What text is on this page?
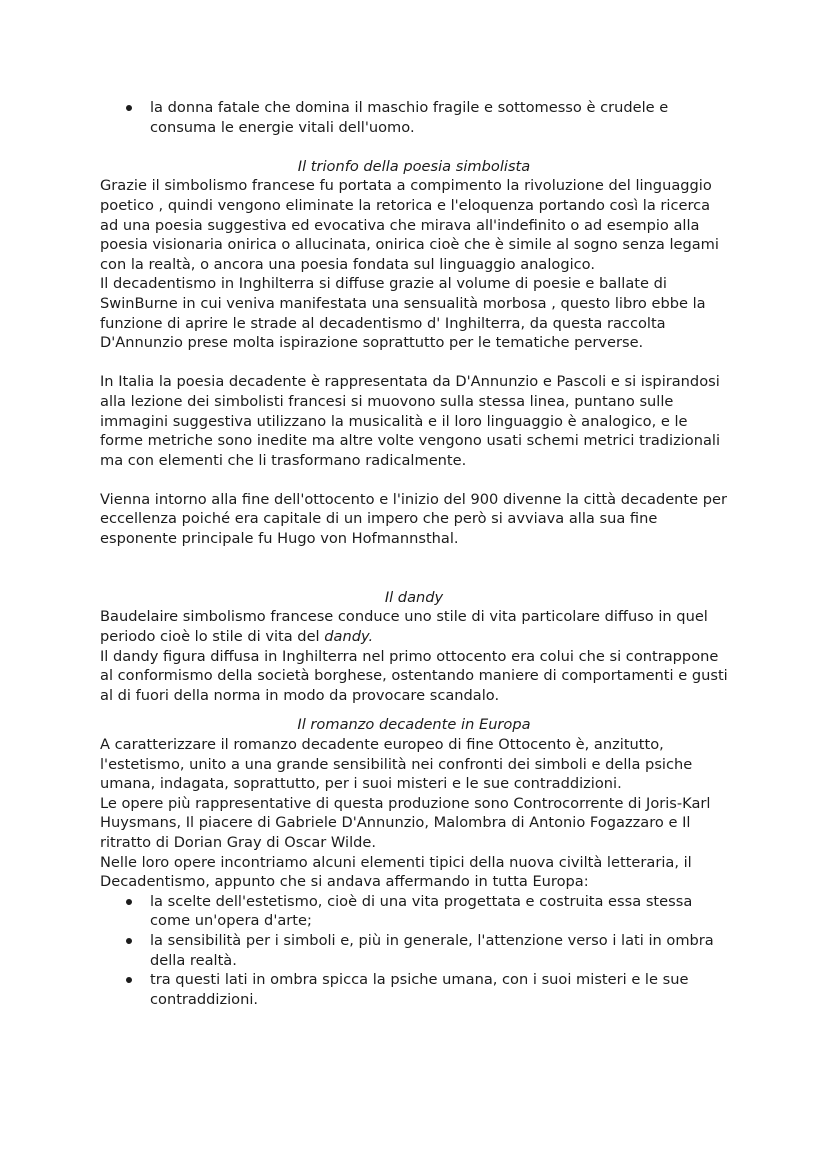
la donna fatale che domina il maschio fragile e sottomesso è crudele e consuma le energie vitali dell'uomo.

Il trionfo della poesia simbolista

Grazie il simbolismo francese fu portata a compimento la rivoluzione del linguaggio poetico , quindi vengono eliminate la retorica e l'eloquenza portando così la ricerca ad una poesia suggestiva ed evocativa che mirava all'indefinito o ad esempio alla poesia visionaria onirica o allucinata, onirica cioè che è simile al sogno senza legami con la realtà, o ancora una poesia fondata sul linguaggio analogico.

Il decadentismo in Inghilterra si diffuse grazie al volume di poesie e ballate di SwinBurne in cui veniva manifestata una sensualità morbosa , questo libro ebbe la funzione di aprire le strade al decadentismo d' Inghilterra, da questa raccolta D'Annunzio prese molta ispirazione soprattutto per le tematiche perverse.

In Italia la poesia decadente è rappresentata da D'Annunzio e Pascoli e si ispirandosi alla lezione dei simbolisti francesi si muovono sulla stessa linea, puntano sulle immagini suggestiva utilizzano la musicalità e il loro linguaggio è analogico, e le forme metriche sono inedite ma altre volte vengono usati schemi metrici tradizionali ma con elementi che li trasformano radicalmente.

Vienna intorno alla fine dell'ottocento e l'inizio del 900 divenne la città decadente per eccellenza poiché era capitale di un impero che però si avviava alla sua fine esponente principale fu Hugo von Hofmannsthal.

Il dandy

Baudelaire simbolismo francese conduce uno stile di vita particolare diffuso in quel periodo cioè lo stile di vita del dandy.

Il dandy figura diffusa in Inghilterra nel primo ottocento era colui che si contrappone al conformismo della società borghese, ostentando maniere di comportamenti e gusti al di fuori della norma in modo da provocare scandalo.

Il romanzo decadente in Europa

A caratterizzare il romanzo decadente europeo di fine Ottocento è, anzitutto, l'estetismo, unito a una grande sensibilità nei confronti dei simboli e della psiche umana, indagata, soprattutto, per i suoi misteri e le sue contraddizioni.

Le opere più rappresentative di questa produzione sono Controcorrente di Joris-Karl Huysmans, Il piacere di Gabriele D'Annunzio, Malombra di Antonio Fogazzaro e Il ritratto di Dorian Gray di Oscar Wilde.

Nelle loro opere incontriamo alcuni elementi tipici della nuova civiltà letteraria, il Decadentismo, appunto che si andava affermando in tutta Europa:

la scelte dell'estetismo, cioè di una vita progettata e costruita essa stessa come un'opera d'arte;
la sensibilità per i simboli e, più in generale, l'attenzione verso i lati in ombra della realtà.
tra questi lati in ombra spicca la psiche umana, con i suoi misteri e le sue contraddizioni.
